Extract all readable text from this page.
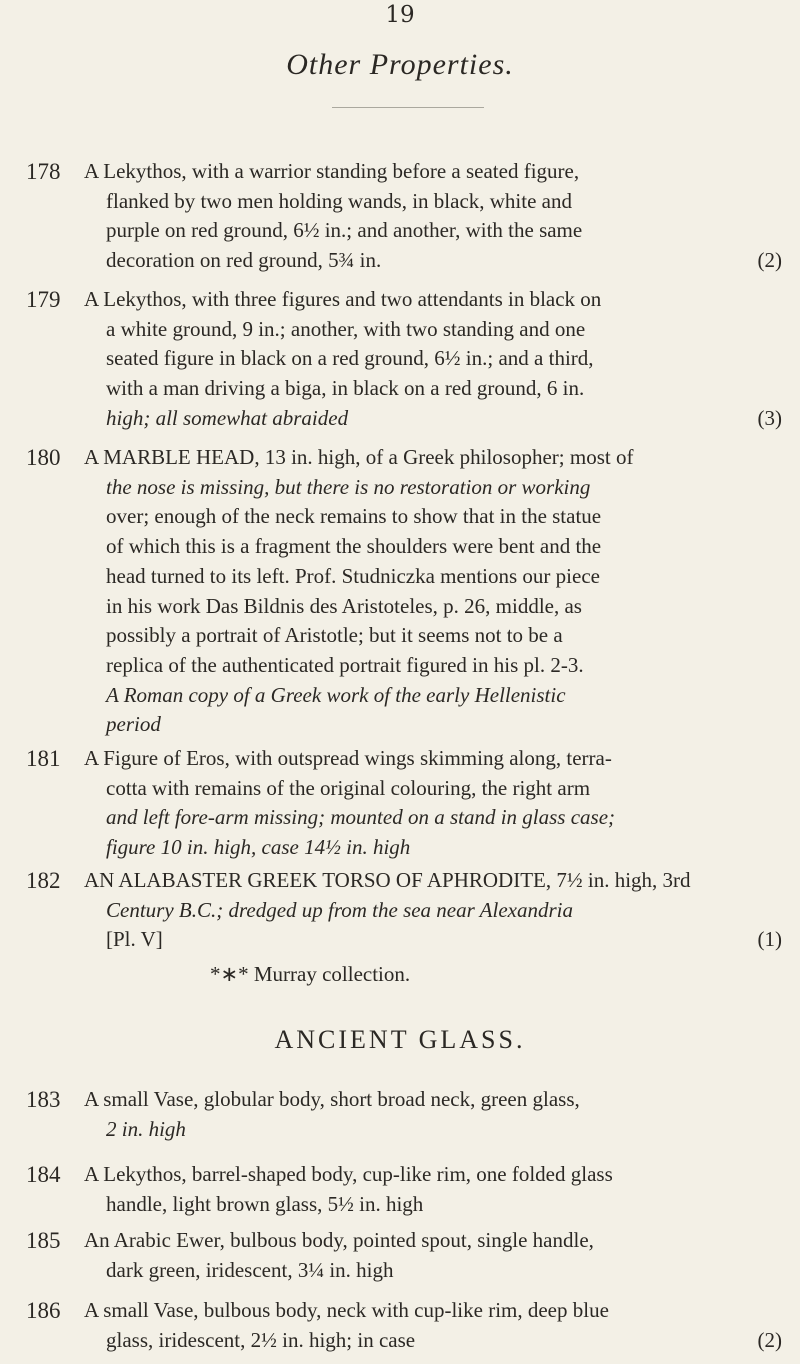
19
Other Properties.
178	A Lekythos, with a warrior standing before a seated figure,
flanked by two men holding wands, in black, white and
purple on red ground, 6½ in.; and another, with the same
decoration on red ground, 5¾ in.	(2)
179	A Lekythos, with three figures and two attendants in black on
a white ground, 9 in.; another, with two standing and one
seated figure in black on a red ground, 6½ in.; and a third,
with a man driving a biga, in black on a red ground, 6 in.
high; all somewhat abraided	(3)
180	A MARBLE HEAD, 13 in. high, of a Greek philosopher; most of
the nose is missing, but there is no restoration or working
over; enough of the neck remains to show that in the statue
of which this is a fragment the shoulders were bent and the
head turned to its left. Prof. Studniczka mentions our piece
in his work Das Bildnis des Aristoteles, p. 26, middle, as
possibly a portrait of Aristotle; but it seems not to be a
replica of the authenticated portrait figured in his pl. 2-3.
A Roman copy of a Greek work of the early Hellenistic
period
181	A Figure of Eros, with outspread wings skimming along, terra-
cotta with remains of the original colouring, the right arm
and left fore-arm missing; mounted on a stand in glass case;
figure 10 in. high, case 14½ in. high
182	AN ALABASTER GREEK TORSO OF APHRODITE, 7½ in. high, 3rd
Century B.C.; dredged up from the sea near Alexandria
[Pl. V]	(1)
*∗* Murray collection.
ANCIENT GLASS.
183	A small Vase, globular body, short broad neck, green glass,
2 in. high
184	A Lekythos, barrel-shaped body, cup-like rim, one folded glass
handle, light brown glass, 5½ in. high
185	An Arabic Ewer, bulbous body, pointed spout, single handle,
dark green, iridescent, 3¼ in. high
186	A small Vase, bulbous body, neck with cup-like rim, deep blue
glass, iridescent, 2½ in. high; in case	(2)
